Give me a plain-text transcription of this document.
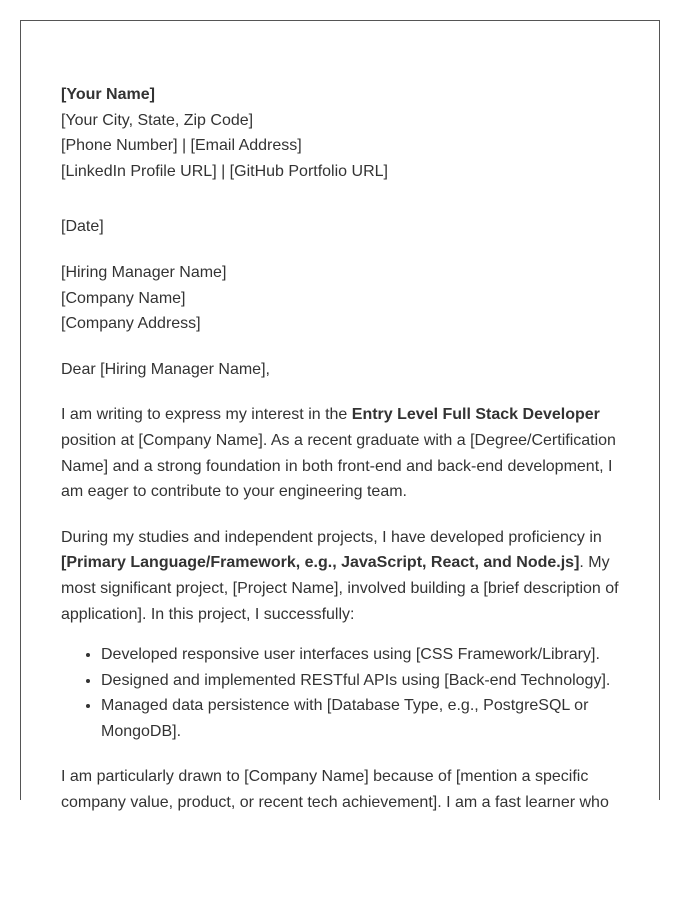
[Your Name]
[Your City, State, Zip Code]
[Phone Number] | [Email Address]
[LinkedIn Profile URL] | [GitHub Portfolio URL]
[Date]
[Hiring Manager Name]
[Company Name]
[Company Address]

Dear [Hiring Manager Name],

I am writing to express my interest in the Entry Level Full Stack Developer position at [Company Name]. As a recent graduate with a [Degree/Certification Name] and a strong foundation in both front-end and back-end development, I am eager to contribute to your engineering team.

During my studies and independent projects, I have developed proficiency in [Primary Language/Framework, e.g., JavaScript, React, and Node.js]. My most significant project, [Project Name], involved building a [brief description of application]. In this project, I successfully:

• Developed responsive user interfaces using [CSS Framework/Library].
• Designed and implemented RESTful APIs using [Back-end Technology].
• Managed data persistence with [Database Type, e.g., PostgreSQL or MongoDB].

I am particularly drawn to [Company Name] because of [mention a specific company value, product, or recent tech achievement]. I am a fast learner who
